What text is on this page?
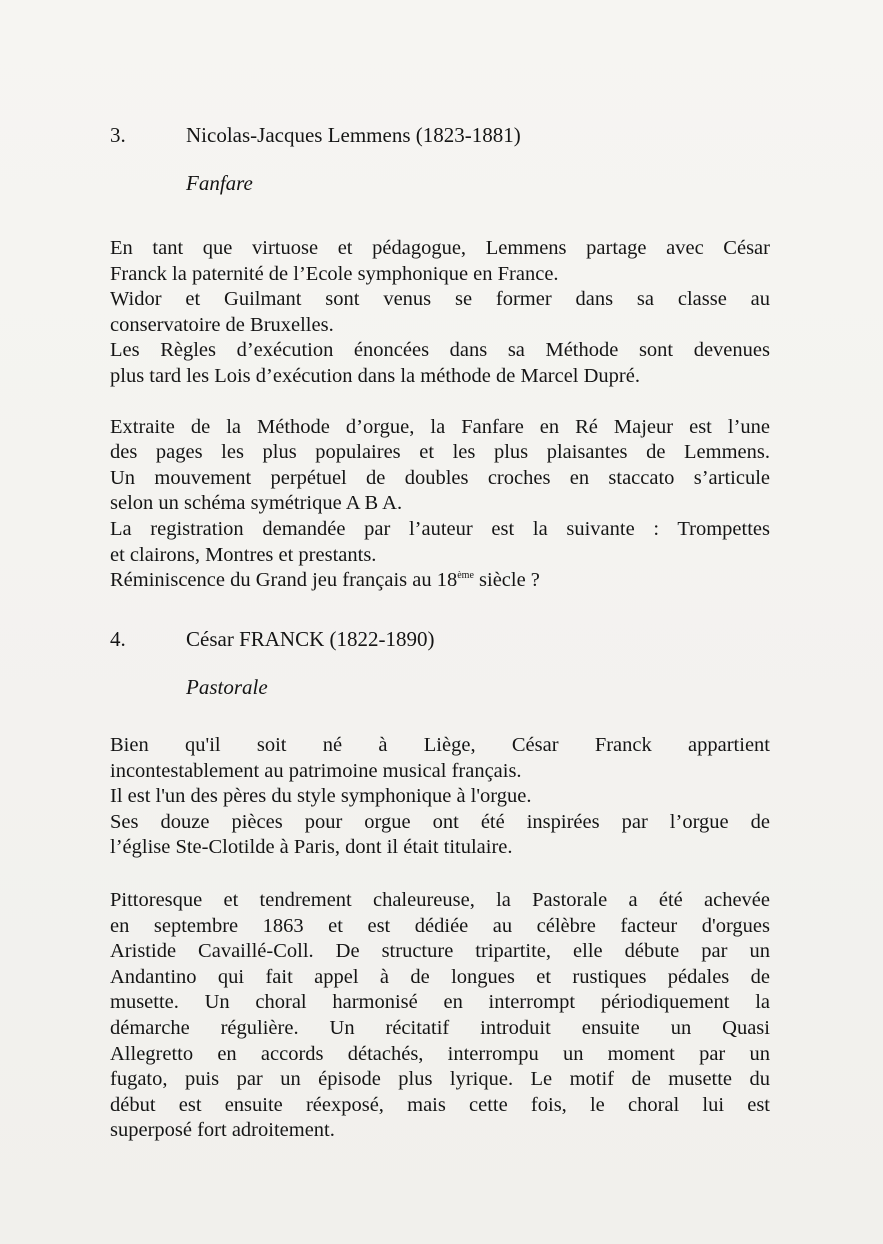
3.	Nicolas-Jacques Lemmens (1823-1881)
Fanfare

En tant que virtuose et pédagogue, Lemmens partage avec César

Franck la paternité de l’Ecole symphonique en France.

Widor et Guilmant sont venus se former dans sa classe au

conservatoire de Bruxelles.

Les Règles d’exécution énoncées dans sa Méthode sont devenues

plus tard les Lois d’exécution dans la méthode de Marcel Dupré.

Extraite de la Méthode d’orgue, la Fanfare en Ré Majeur est l’une

des pages les plus populaires et les plus plaisantes de Lemmens.

Un mouvement perpétuel de doubles croches en staccato s’articule

selon un schéma symétrique A B A.

La registration demandée par l’auteur est la suivante : Trompettes

et clairons, Montres et prestants.

Réminiscence du Grand jeu français au 18ème siècle ?

4.	César FRANCK (1822-1890)
Pastorale

Bien qu'il soit né à Liège, César Franck appartient

incontestablement au patrimoine musical français.

Il est l'un des pères du style symphonique à l'orgue.

Ses douze pièces pour orgue ont été inspirées par l’orgue de

l’église Ste-Clotilde à Paris, dont il était titulaire.

Pittoresque et tendrement chaleureuse, la Pastorale a été achevée

en septembre 1863 et est dédiée au célèbre facteur d'orgues

Aristide Cavaillé-Coll. De structure tripartite, elle débute par un

Andantino qui fait appel à de longues et rustiques pédales de

musette. Un choral harmonisé en interrompt périodiquement la

démarche régulière. Un récitatif introduit ensuite un Quasi

Allegretto en accords détachés, interrompu un moment par un

fugato, puis par un épisode plus lyrique. Le motif de musette du

début est ensuite réexposé, mais cette fois, le choral lui est

superposé fort adroitement.
